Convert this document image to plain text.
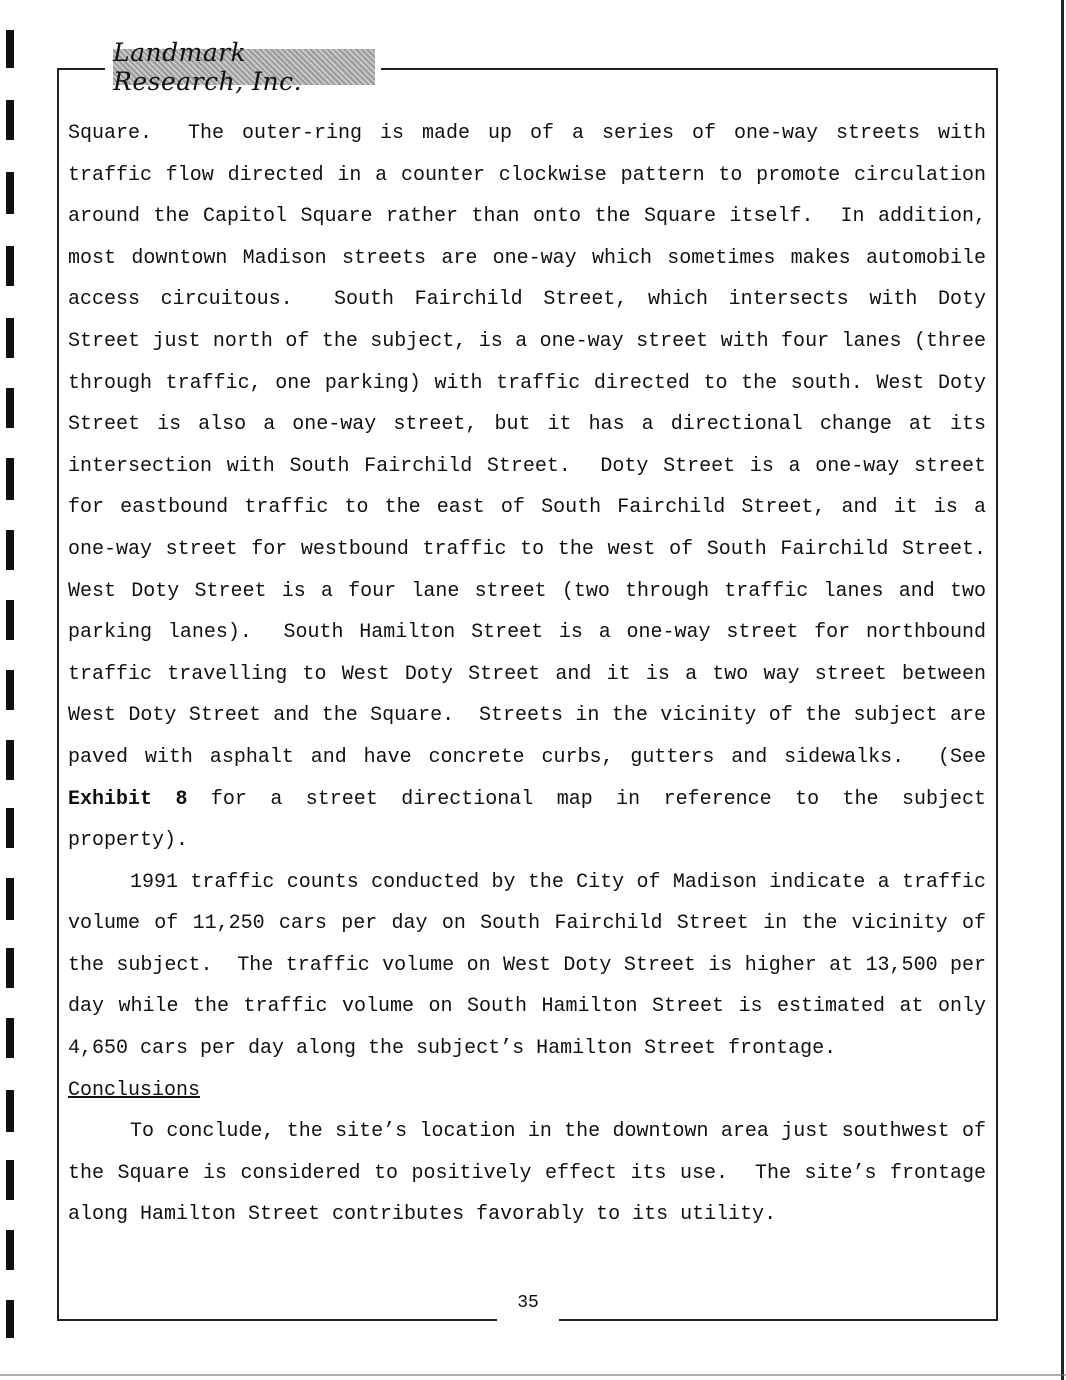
Landmark Research, Inc.

Square.  The outer-ring is made up of a series of one-way streets with traffic flow directed in a counter clockwise pattern to promote circulation around the Capitol Square rather than onto the Square itself.  In addition, most downtown Madison streets are one-way which sometimes makes automobile access circuitous.  South Fairchild Street, which intersects with Doty Street just north of the subject, is a one-way street with four lanes (three through traffic, one parking) with traffic directed to the south. West Doty Street is also a one-way street, but it has a directional change at its intersection with South Fairchild Street.  Doty Street is a one-way street for eastbound traffic to the east of South Fairchild Street, and it is a one-way street for westbound traffic to the west of South Fairchild Street.  West Doty Street is a four lane street (two through traffic lanes and two parking lanes).  South Hamilton Street is a one-way street for northbound traffic travelling to West Doty Street and it is a two way street between West Doty Street and the Square.  Streets in the vicinity of the subject are paved with asphalt and have concrete curbs, gutters and sidewalks.  (See Exhibit 8 for a street directional map in reference to the subject property).

1991 traffic counts conducted by the City of Madison indicate a traffic volume of 11,250 cars per day on South Fairchild Street in the vicinity of the subject.  The traffic volume on West Doty Street is higher at 13,500 per day while the traffic volume on South Hamilton Street is estimated at only 4,650 cars per day along the subject’s Hamilton Street frontage.

Conclusions

To conclude, the site’s location in the downtown area just southwest of the Square is considered to positively effect its use.  The site’s frontage along Hamilton Street contributes favorably to its utility.

35
